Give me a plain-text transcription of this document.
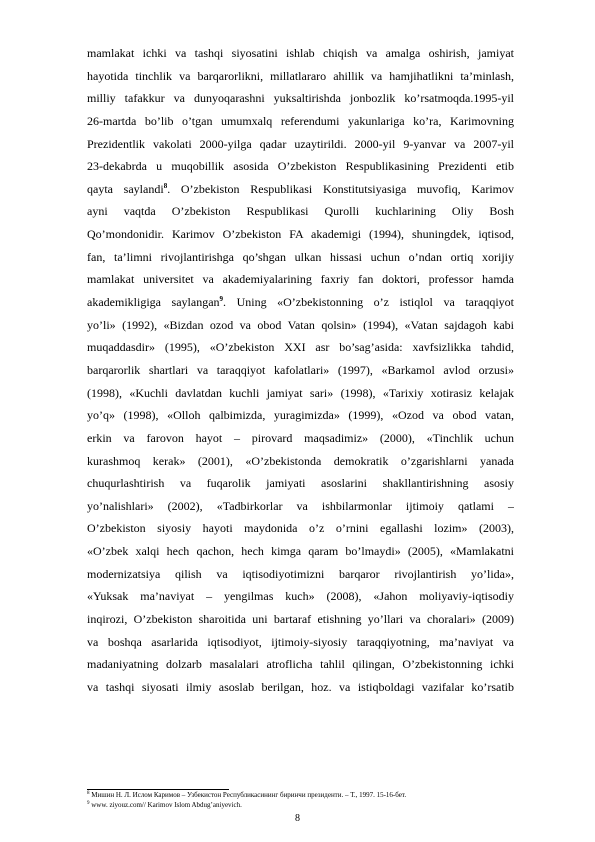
mamlakat ichki va tashqi siyosatini ishlab chiqish va amalga oshirish, jamiyat
hayotida tinchlik va barqarorlikni, millatlararo ahillik va hamjihatlikni ta’minlash,
milliy tafakkur va dunyoqarashni yuksaltirishda jonbozlik ko’rsatmoqda.1995-yil
26-martda bo’lib o’tgan umumxalq referendumi yakunlariga ko’ra, Karimovning
Prezidentlik vakolati 2000-yilga qadar uzaytirildi. 2000-yil 9-yanvar va 2007-yil
23-dekabrda u muqobillik asosida O’zbekiston Respublikasining Prezidenti etib
qayta saylandi$^8$. O’zbekiston Respublikasi Konstitutsiyasiga muvofiq, Karimov
ayni vaqtda O’zbekiston Respublikasi Qurolli kuchlarining Oliy Bosh
Qo’mondonidir. Karimov O’zbekiston FA akademigi (1994), shuningdek, iqtisod,
fan, ta’limni rivojlantirishga qo’shgan ulkan hissasi uchun o’ndan ortiq xorijiy
mamlakat universitet va akademiyalarining faxriy fan doktori, professor hamda
akademikligiga saylangan$^9$. Uning «O’zbekistonning o’z istiqlol va taraqqiyot
yo’li» (1992), «Bizdan ozod va obod Vatan qolsin» (1994), «Vatan sajdagoh kabi
muqaddasdir» (1995), «O’zbekiston XXI asr bo’sag’asida: xavfsizlikka tahdid,
barqarorlik shartlari va taraqqiyot kafolatlari» (1997), «Barkamol avlod orzusi»
(1998), «Kuchli davlatdan kuchli jamiyat sari» (1998), «Tarixiy xotirasiz kelajak
yo’q» (1998), «Olloh qalbimizda, yuragimizda» (1999), «Ozod va obod vatan,
erkin va farovon hayot – pirovard maqsadimiz» (2000), «Tinchlik uchun
kurashmoq kerak» (2001), «O’zbekistonda demokratik o’zgarishlarni yanada
chuqurlashtirish va fuqarolik jamiyati asoslarini shakllantirishning asosiy
yo’nalishlari» (2002), «Tadbirkorlar va ishbilarmonlar ijtimoiy qatlami –
O’zbekiston siyosiy hayoti maydonida o’z o’rnini egallashi lozim» (2003),
«O’zbek xalqi hech qachon, hech kimga qaram bo’lmaydi» (2005), «Mamlakatni
modernizatsiya qilish va iqtisodiyotimizni barqaror rivojlantirish yo’lida»,
«Yuksak ma’naviyat – yengilmas kuch» (2008), «Jahon moliyaviy-iqtisodiy
inqirozi, O’zbekiston sharoitida uni bartaraf etishning yo’llari va choralari» (2009)
va boshqa asarlarida iqtisodiyot, ijtimoiy-siyosiy taraqqiyotning, ma’naviyat va
madaniyatning dolzarb masalalari atroflicha tahlil qilingan, O’zbekistonning ichki
va tashqi siyosati ilmiy asoslab berilgan, hoz. va istiqboldagi vazifalar ko’rsatib
$^8$ Мишин Н. Л. Ислом Каримов – Узбекистон Республикасининг биринчи президенти. – Т., 1997. 15-16-бет.
$^9$ www. ziyouz.com// Karimov Islom Abdug’aniyevich.
8
